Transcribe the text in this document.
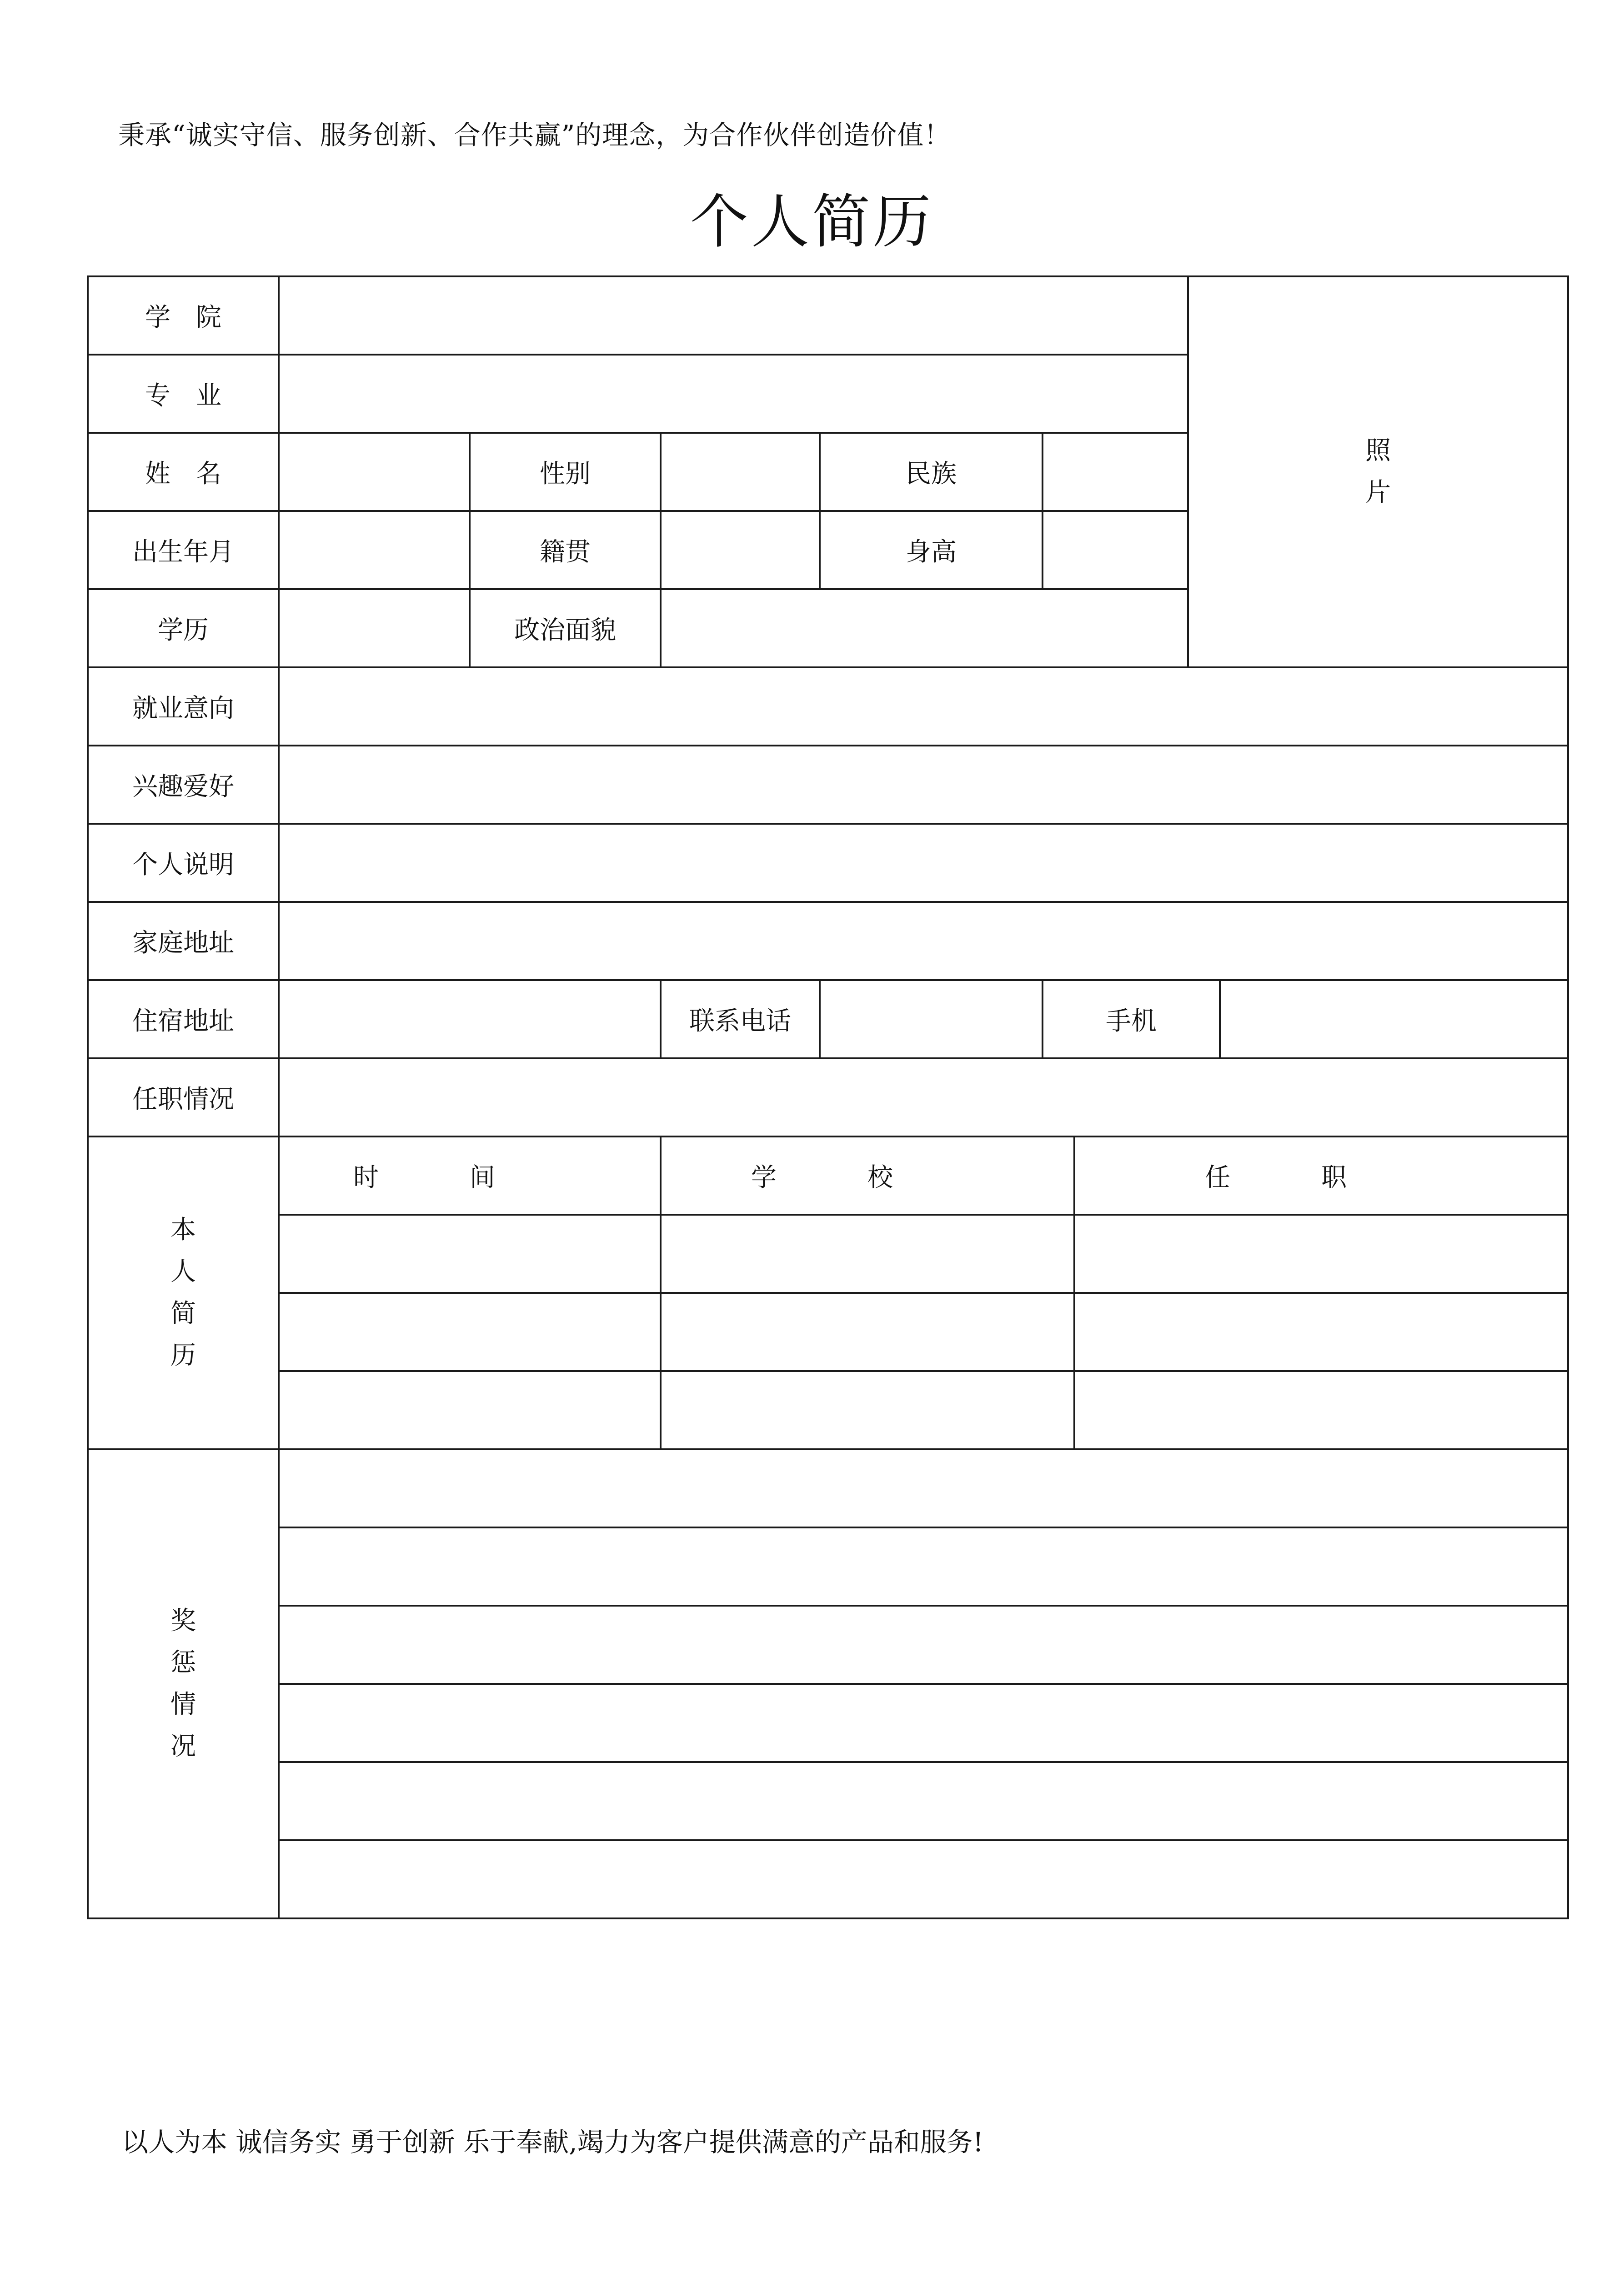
秉承“诚实守信、服务创新、合作共赢”的理念，为合作伙伴创造价值！
个人简历
学　院							照片	
专　业								
姓　名		性别		民族				
出生年月		籍贯		身高				
学历		政治面貌						
就业意向								
兴趣爱好								
个人说明								
家庭地址								
住宿地址			联系电话		手机			
任职情况								
本人简历	时间		学校			任职		

奖惩情况								

以人为本 诚信务实 勇于创新 乐于奉献,竭力为客户提供满意的产品和服务!
